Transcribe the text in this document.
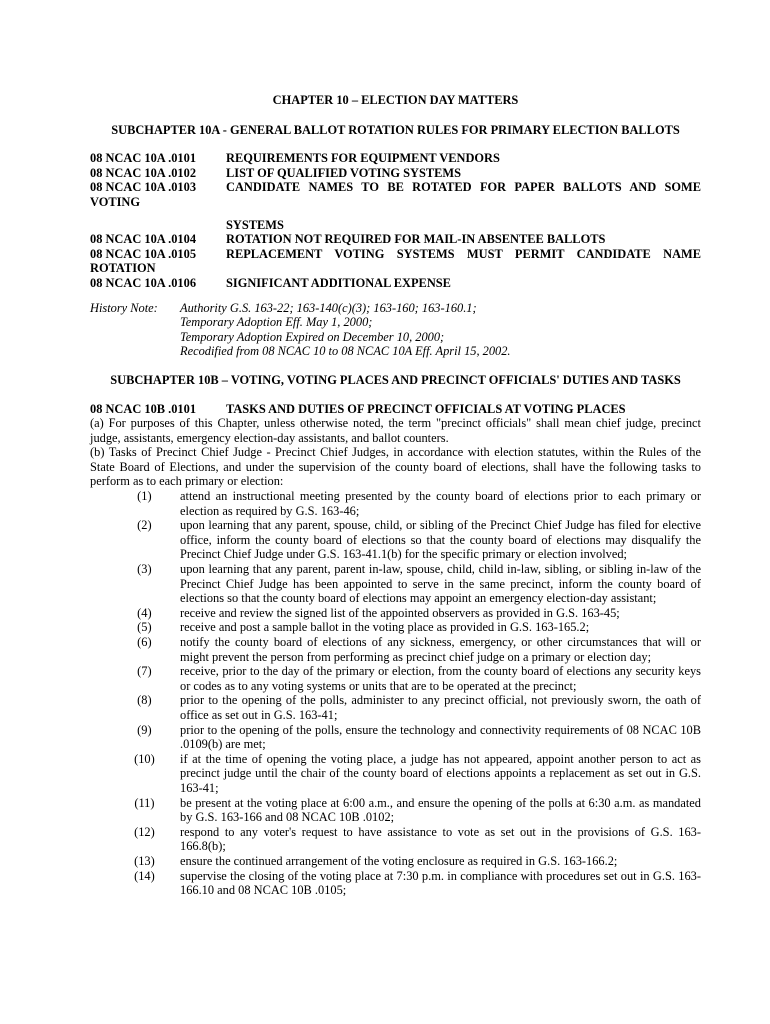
CHAPTER 10 – ELECTION DAY MATTERS
SUBCHAPTER 10A - GENERAL BALLOT ROTATION RULES FOR PRIMARY ELECTION BALLOTS
08 NCAC 10A .0101	REQUIREMENTS FOR EQUIPMENT VENDORS
08 NCAC 10A .0102	LIST OF QUALIFIED VOTING SYSTEMS
08 NCAC 10A .0103	CANDIDATE NAMES TO BE ROTATED FOR PAPER BALLOTS AND SOME
VOTING
SYSTEMS
08 NCAC 10A .0104	ROTATION NOT REQUIRED FOR MAIL-IN ABSENTEE BALLOTS
08 NCAC 10A .0105	REPLACEMENT VOTING SYSTEMS MUST PERMIT CANDIDATE NAME
ROTATION
08 NCAC 10A .0106	SIGNIFICANT ADDITIONAL EXPENSE
History Note:	Authority G.S. 163-22; 163-140(c)(3); 163-160; 163-160.1;
Temporary Adoption Eff. May 1, 2000;
Temporary Adoption Expired on December 10, 2000;
Recodified from 08 NCAC 10 to 08 NCAC 10A Eff. April 15, 2002.
SUBCHAPTER 10B – VOTING, VOTING PLACES AND PRECINCT OFFICIALS' DUTIES AND TASKS
08 NCAC 10B .0101	TASKS AND DUTIES OF PRECINCT OFFICIALS AT VOTING PLACES
(a) For purposes of this Chapter, unless otherwise noted, the term "precinct officials" shall mean chief judge, precinct judge, assistants, emergency election-day assistants, and ballot counters.
(b) Tasks of Precinct Chief Judge - Precinct Chief Judges, in accordance with election statutes, within the Rules of the State Board of Elections, and under the supervision of the county board of elections, shall have the following tasks to perform as to each primary or election:
(1)	attend an instructional meeting presented by the county board of elections prior to each primary or election as required by G.S. 163-46;
(2)	upon learning that any parent, spouse, child, or sibling of the Precinct Chief Judge has filed for elective office, inform the county board of elections so that the county board of elections may disqualify the Precinct Chief Judge under G.S. 163-41.1(b) for the specific primary or election involved;
(3)	upon learning that any parent, parent in-law, spouse, child, child in-law, sibling, or sibling in-law of the Precinct Chief Judge has been appointed to serve in the same precinct, inform the county board of elections so that the county board of elections may appoint an emergency election-day assistant;
(4)	receive and review the signed list of the appointed observers as provided in G.S. 163-45;
(5)	receive and post a sample ballot in the voting place as provided in G.S. 163-165.2;
(6)	notify the county board of elections of any sickness, emergency, or other circumstances that will or might prevent the person from performing as precinct chief judge on a primary or election day;
(7)	receive, prior to the day of the primary or election, from the county board of elections any security keys or codes as to any voting systems or units that are to be operated at the precinct;
(8)	prior to the opening of the polls, administer to any precinct official, not previously sworn, the oath of office as set out in G.S. 163-41;
(9)	prior to the opening of the polls, ensure the technology and connectivity requirements of 08 NCAC 10B .0109(b) are met;
(10)	if at the time of opening the voting place, a judge has not appeared, appoint another person to act as precinct judge until the chair of the county board of elections appoints a replacement as set out in G.S. 163-41;
(11)	be present at the voting place at 6:00 a.m., and ensure the opening of the polls at 6:30 a.m. as mandated by G.S. 163-166 and 08 NCAC 10B .0102;
(12)	respond to any voter's request to have assistance to vote as set out in the provisions of G.S. 163-166.8(b);
(13)	ensure the continued arrangement of the voting enclosure as required in G.S. 163-166.2;
(14)	supervise the closing of the voting place at 7:30 p.m. in compliance with procedures set out in G.S. 163-166.10 and 08 NCAC 10B .0105;
